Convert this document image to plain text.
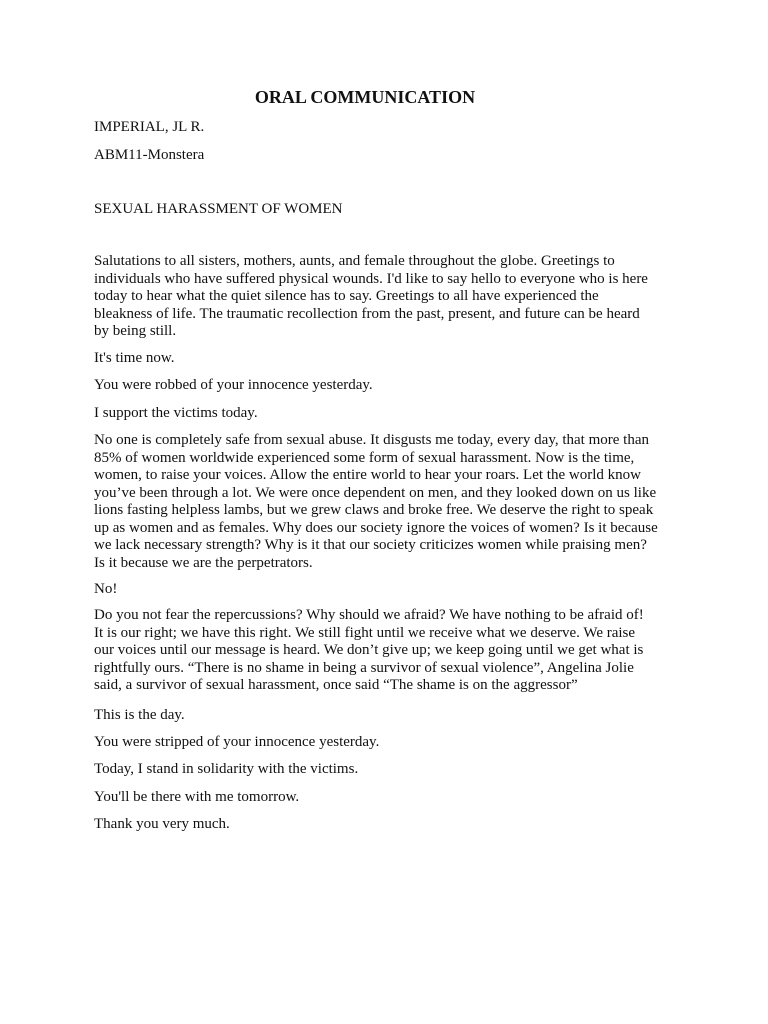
ORAL COMMUNICATION

IMPERIAL, JL R.

ABM11-Monstera

SEXUAL HARASSMENT OF WOMEN

Salutations to all sisters, mothers, aunts, and female throughout the globe. Greetings to
individuals who have suffered physical wounds. I'd like to say hello to everyone who is here
today to hear what the quiet silence has to say. Greetings to all have experienced the
bleakness of life. The traumatic recollection from the past, present, and future can be heard
by being still.

It's time now.

You were robbed of your innocence yesterday.

I support the victims today.

No one is completely safe from sexual abuse. It disgusts me today, every day, that more than
85% of women worldwide experienced some form of sexual harassment. Now is the time,
women, to raise your voices. Allow the entire world to hear your roars. Let the world know
you’ve been through a lot. We were once dependent on men, and they looked down on us like
lions fasting helpless lambs, but we grew claws and broke free. We deserve the right to speak
up as women and as females. Why does our society ignore the voices of women? Is it because
we lack necessary strength? Why is it that our society criticizes women while praising men?
Is it because we are the perpetrators.

No!

Do you not fear the repercussions? Why should we afraid? We have nothing to be afraid of!
It is our right; we have this right. We still fight until we receive what we deserve. We raise
our voices until our message is heard. We don’t give up; we keep going until we get what is
rightfully ours. “There is no shame in being a survivor of sexual violence”, Angelina Jolie
said, a survivor of sexual harassment, once said “The shame is on the aggressor”

This is the day.

You were stripped of your innocence yesterday.

Today, I stand in solidarity with the victims.

You'll be there with me tomorrow.

Thank you very much.
